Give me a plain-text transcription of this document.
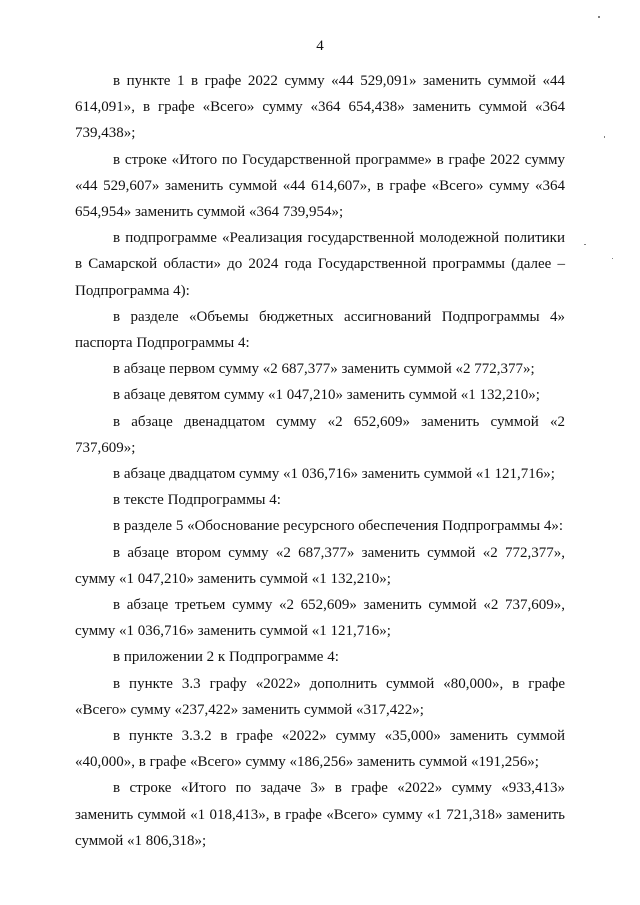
4

в пункте 1 в графе 2022 сумму «44 529,091» заменить суммой «44 614,091», в графе «Всего» сумму «364 654,438» заменить суммой «364 739,438»;

в строке «Итого по Государственной программе» в графе 2022 сумму «44 529,607» заменить суммой «44 614,607», в графе «Всего» сумму «364 654,954» заменить суммой «364 739,954»;

в подпрограмме «Реализация государственной молодежной политики в Самарской области» до 2024 года Государственной программы (далее – Подпрограмма 4):

в разделе «Объемы бюджетных ассигнований Подпрограммы 4» паспорта Подпрограммы 4:

в абзаце первом сумму «2 687,377» заменить суммой «2 772,377»;

в абзаце девятом сумму «1 047,210» заменить суммой «1 132,210»;

в абзаце двенадцатом сумму «2 652,609» заменить суммой «2 737,609»;

в абзаце двадцатом сумму «1 036,716» заменить суммой «1 121,716»;

в тексте Подпрограммы 4:

в разделе 5 «Обоснование ресурсного обеспечения Подпрограммы 4»:

в абзаце втором сумму «2 687,377» заменить суммой «2 772,377», сумму «1 047,210» заменить суммой «1 132,210»;

в абзаце третьем сумму «2 652,609» заменить суммой «2 737,609», сумму «1 036,716» заменить суммой «1 121,716»;

в приложении 2 к Подпрограмме 4:

в пункте 3.3 графу «2022» дополнить суммой «80,000», в графе «Всего» сумму «237,422» заменить суммой «317,422»;

в пункте 3.3.2 в графе «2022» сумму «35,000» заменить суммой «40,000», в графе «Всего» сумму «186,256» заменить суммой «191,256»;

в строке «Итого по задаче 3» в графе «2022» сумму «933,413» заменить суммой «1 018,413», в графе «Всего» сумму «1 721,318» заменить суммой «1 806,318»;
